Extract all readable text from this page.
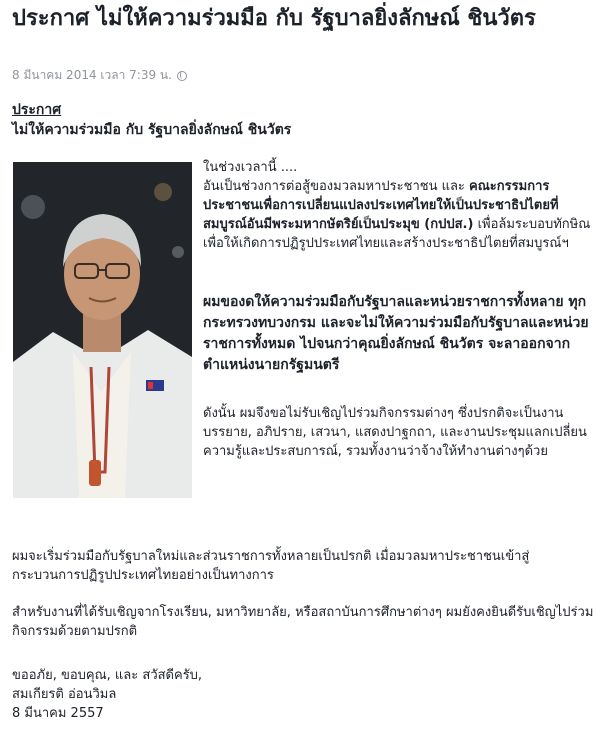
ประกาศ ไม่ให้ความร่วมมือ กับ รัฐบาลยิ่งลักษณ์ ชินวัตร
8 มีนาคม 2014 เวลา 7:39 น.
ประกาศ
ไม่ให้ความร่วมมือ กับ รัฐบาลยิ่งลักษณ์ ชินวัตร

ในช่วงเวลานี้ ....
อันเป็นช่วงการต่อสู้ของมวลมหาประชาชน และ คณะกรรมการประชาชนเพื่อการเปลี่ยนแปลงประเทศไทยให้เป็นประชาธิปไตยที่สมบูรณ์อันมีพระมหากษัตริย์เป็นประมุข (กปปส.) เพื่อล้มระบอบทักษิณ เพื่อให้เกิดการปฏิรูปประเทศไทยและสร้างประชาธิปไตยที่สมบูรณ์ฯ

ผมของดให้ความร่วมมือกับรัฐบาลและหน่วยราชการทั้งหลาย ทุกกระทรวงทบวงกรม และจะไม่ให้ความร่วมมือกับรัฐบาลและหน่วยราชการทั้งหมด ไปจนกว่าคุณยิ่งลักษณ์ ชินวัตร จะลาออกจากตำแหน่งนายกรัฐมนตรี

ดังนั้น ผมจึงขอไม่รับเชิญไปร่วมกิจกรรมต่างๆ ซึ่งปรกติจะเป็นงานบรรยาย, อภิปราย, เสวนา, แสดงปาฐกถา, และงานประชุมแลกเปลี่ยนความรู้และประสบการณ์, รวมทั้งงานว่าจ้างให้ทำงานต่างๆด้วย

ผมจะเริ่มร่วมมือกับรัฐบาลใหม่และส่วนราชการทั้งหลายเป็นปรกติ เมื่อมวลมหาประชาชนเข้าสู่กระบวนการปฏิรูปประเทศไทยอย่างเป็นทางการ

สำหรับงานที่ได้รับเชิญจากโรงเรียน, มหาวิทยาลัย, หรือสถาบันการศึกษาต่างๆ ผมยังคงยินดีรับเชิญไปร่วมกิจกรรมด้วยตามปรกติ

ขออภัย, ขอบคุณ, และ สวัสดีครับ,
สมเกียรติ อ่อนวิมล
8 มีนาคม 2557
